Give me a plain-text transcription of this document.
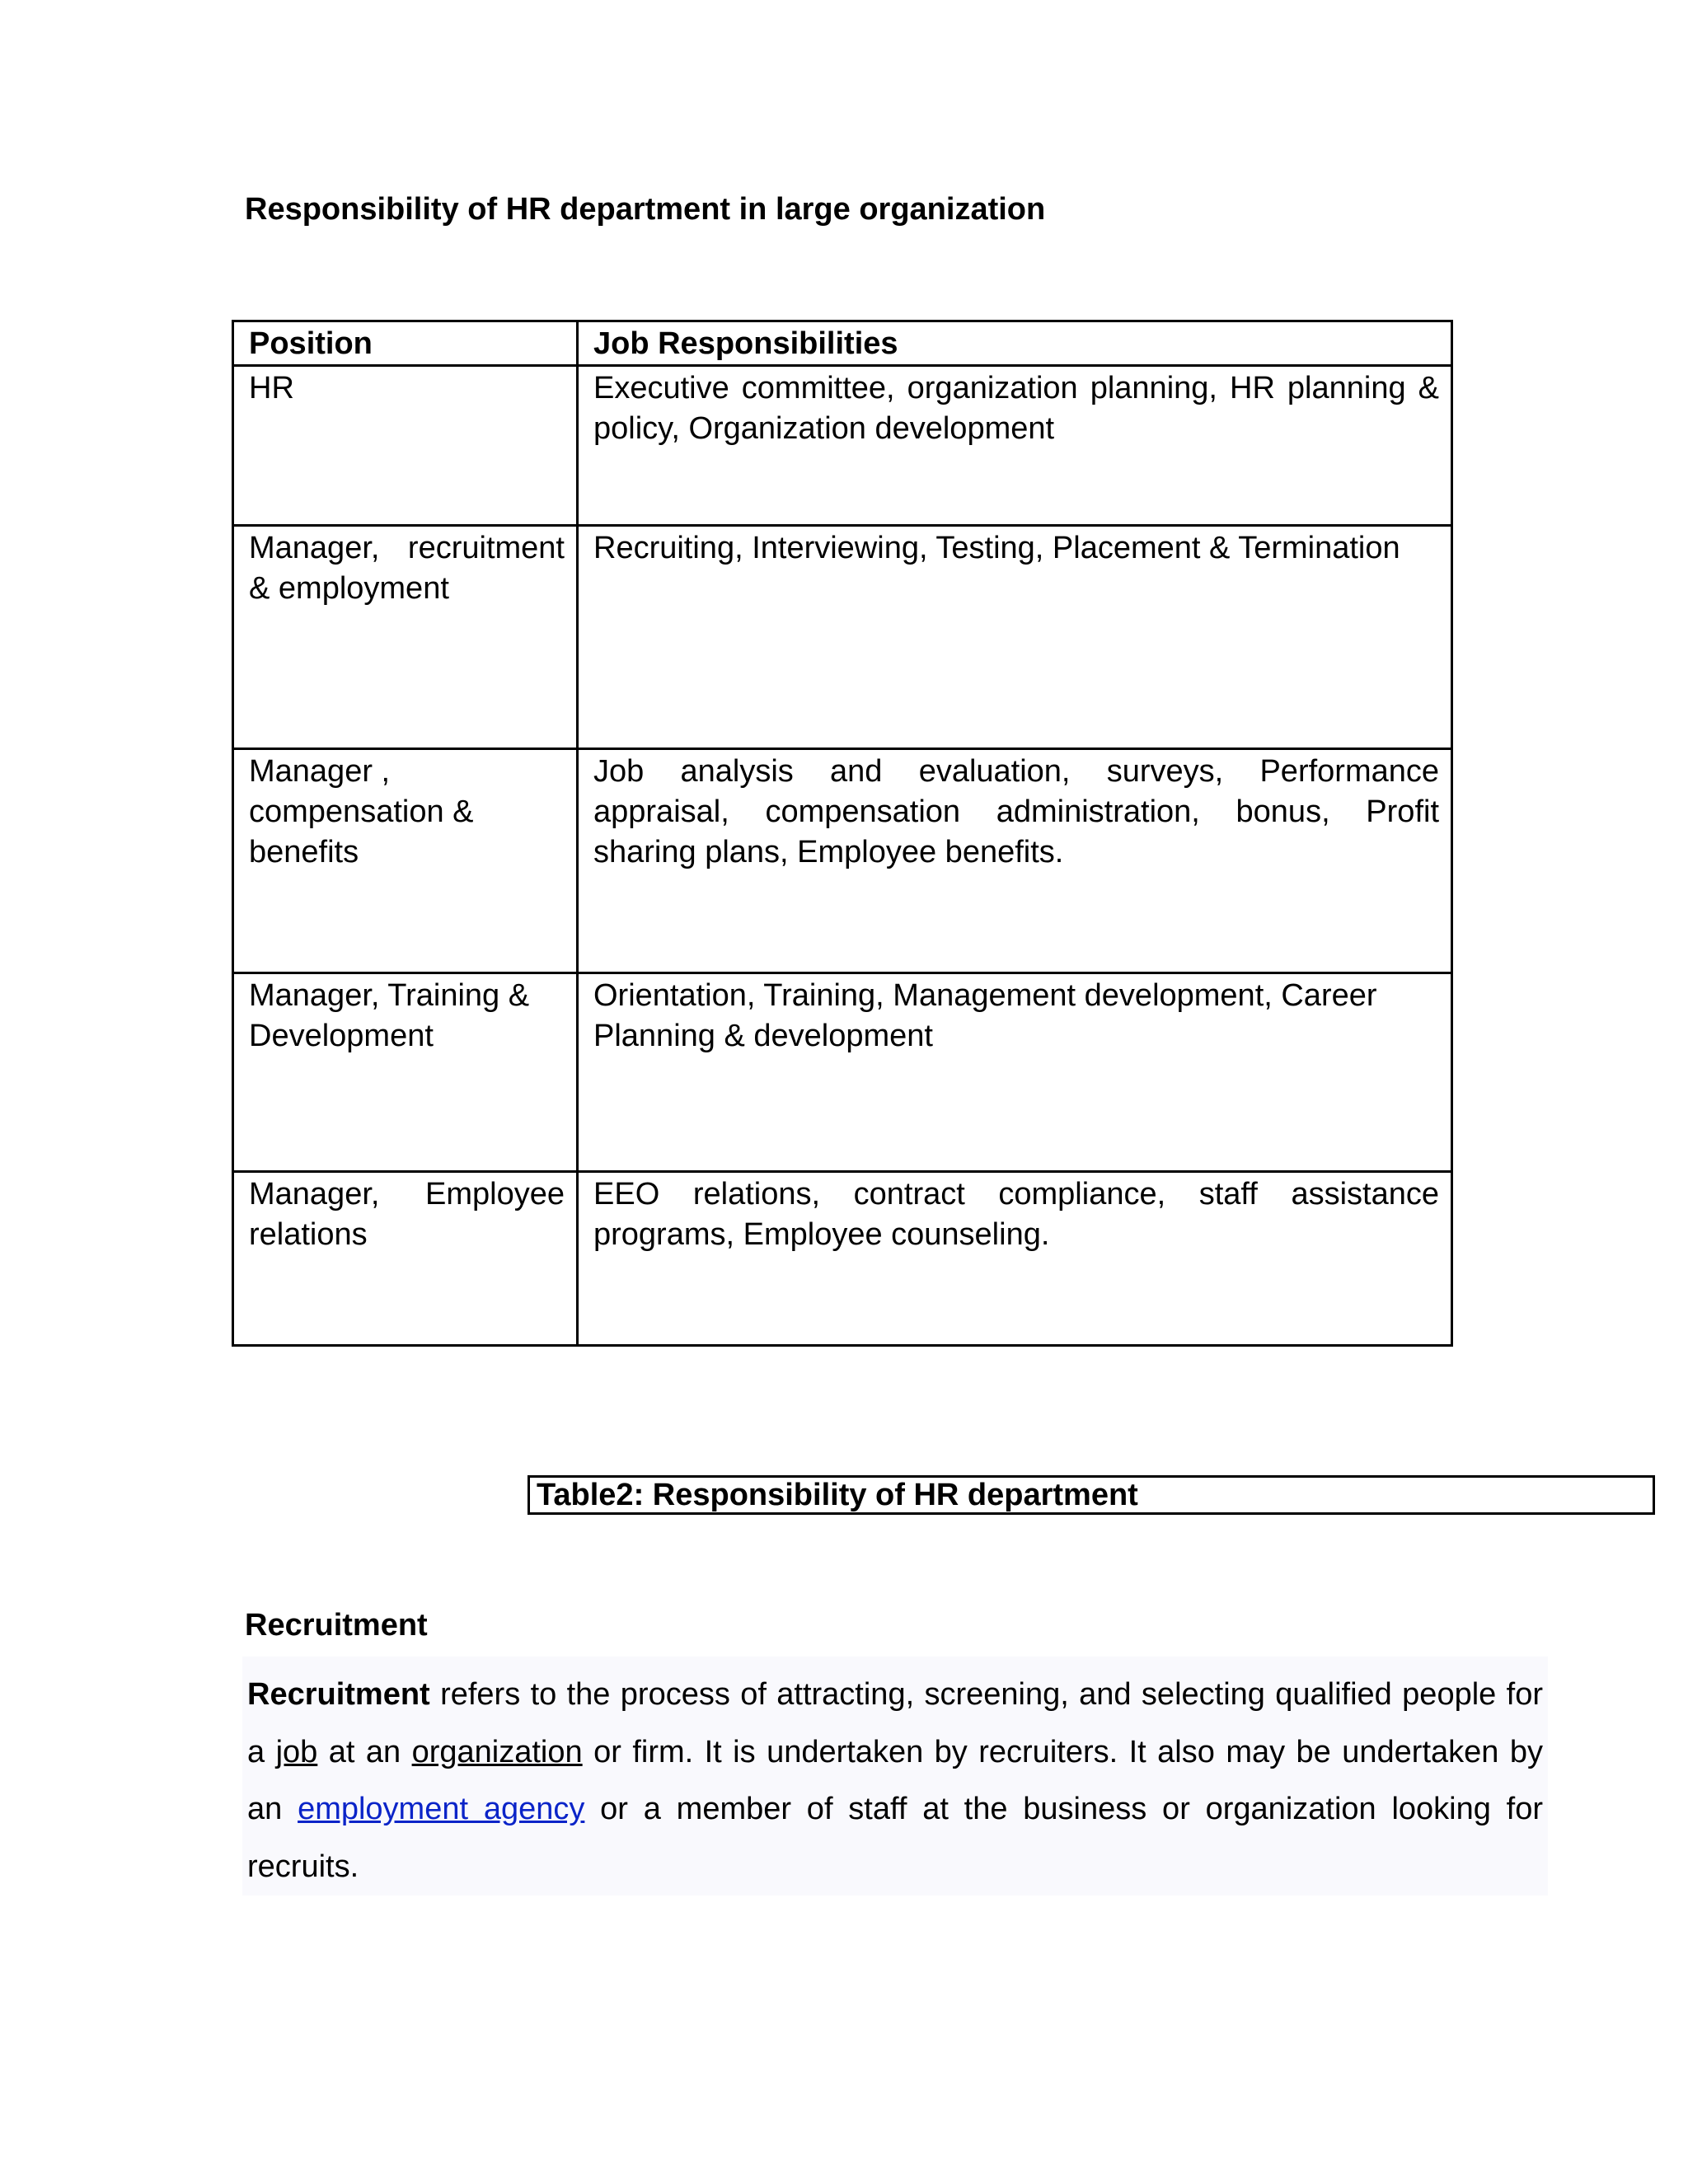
Responsibility of HR department in large organization
Position	Job Responsibilities
HR	Executive committee, organization planning, HR planning & policy, Organization development
Manager, recruitment & employment	Recruiting, Interviewing, Testing, Placement & Termination
Manager , compensation & benefits	Job analysis and evaluation, surveys, Performance appraisal, compensation administration, bonus, Profit sharing plans, Employee benefits.
Manager, Training & Development	Orientation, Training, Management development, Career Planning & development
Manager, Employee relations	EEO relations, contract compliance, staff assistance programs, Employee counseling.
Table2: Responsibility of HR department
Recruitment

Recruitment refers to the process of attracting, screening, and selecting qualified people for a job at an organization or firm. It is undertaken by recruiters. It also may be undertaken by an employment agency or a member of staff at the business or organization looking for recruits.
